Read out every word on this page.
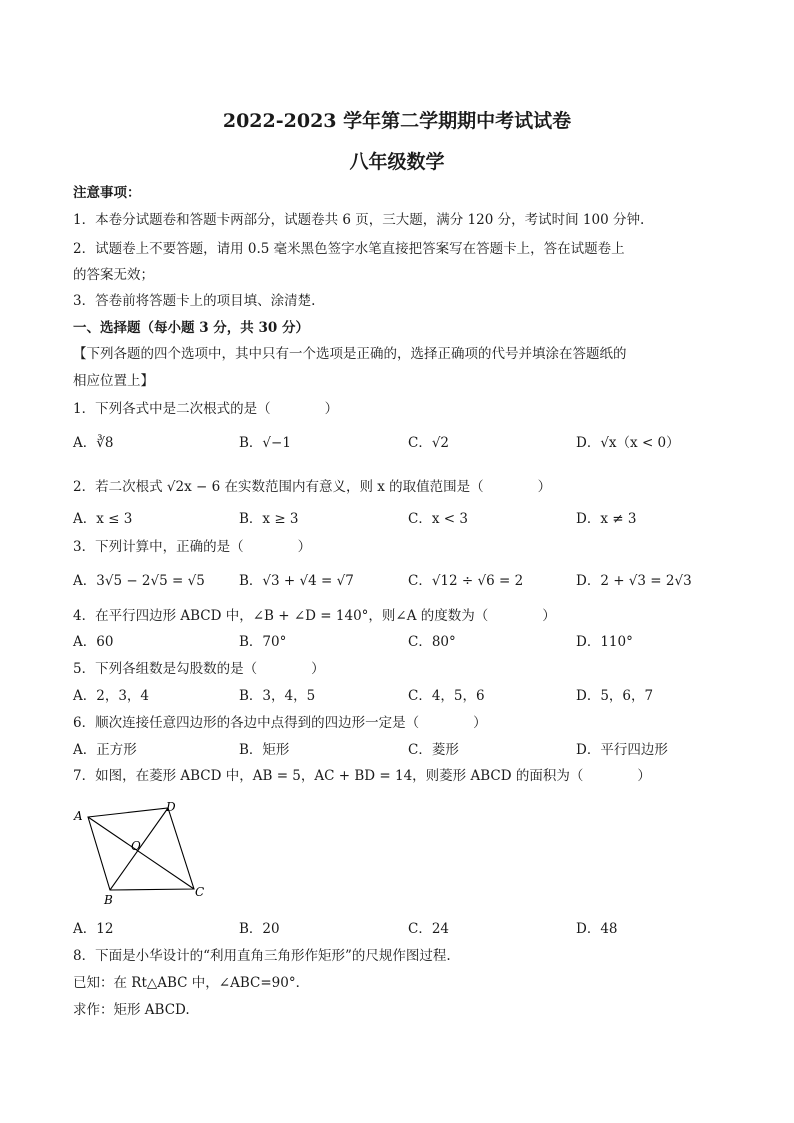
2022-2023 学年第二学期期中考试试卷
八年级数学
注意事项：
1．本卷分试题卷和答题卡两部分，试题卷共 6 页，三大题，满分 120 分，考试时间 100 分钟.
2．试题卷上不要答题，请用 0.5 毫米黑色签字水笔直接把答案写在答题卡上，答在试题卷上
的答案无效；
3．答卷前将答题卡上的项目填、涂清楚.
一、选择题（每小题 3 分，共 30 分）
【下列各题的四个选项中，其中只有一个选项是正确的，选择正确项的代号并填涂在答题纸的
相应位置上】
1．下列各式中是二次根式的是（　　　　）
A．∛8	B．√−1	C．√2	D．√x（x < 0）
2．若二次根式 √2x − 6 在实数范围内有意义，则 x 的取值范围是（　　　　）
A．x ≤ 3	B．x ≥ 3	C．x < 3	D．x ≠ 3
3．下列计算中，正确的是（　　　　）
A．3√5 − 2√5 = √5	B．√3 + √4 = √7	C．√12 ÷ √6 = 2	D．2 + √3 = 2√3
4．在平行四边形 ABCD 中，∠B + ∠D = 140°，则∠A 的度数为（　　　　）
A．60	B．70°	C．80°	D．110°
5．下列各组数是勾股数的是（　　　　）
A．2，3，4	B．3，4，5	C．4，5，6	D．5，6，7
6．顺次连接任意四边形的各边中点得到的四边形一定是（　　　　）
A．正方形	B．矩形	C．菱形	D．平行四边形
7．如图，在菱形 ABCD 中，AB = 5，AC + BD = 14，则菱形 ABCD 的面积为（　　　　）
A
D
C
B
O
A．12	B．20	C．24	D．48
8．下面是小华设计的“利用直角三角形作矩形”的尺规作图过程.
已知：在 Rt△ABC 中，∠ABC=90°．
求作：矩形 ABCD.
